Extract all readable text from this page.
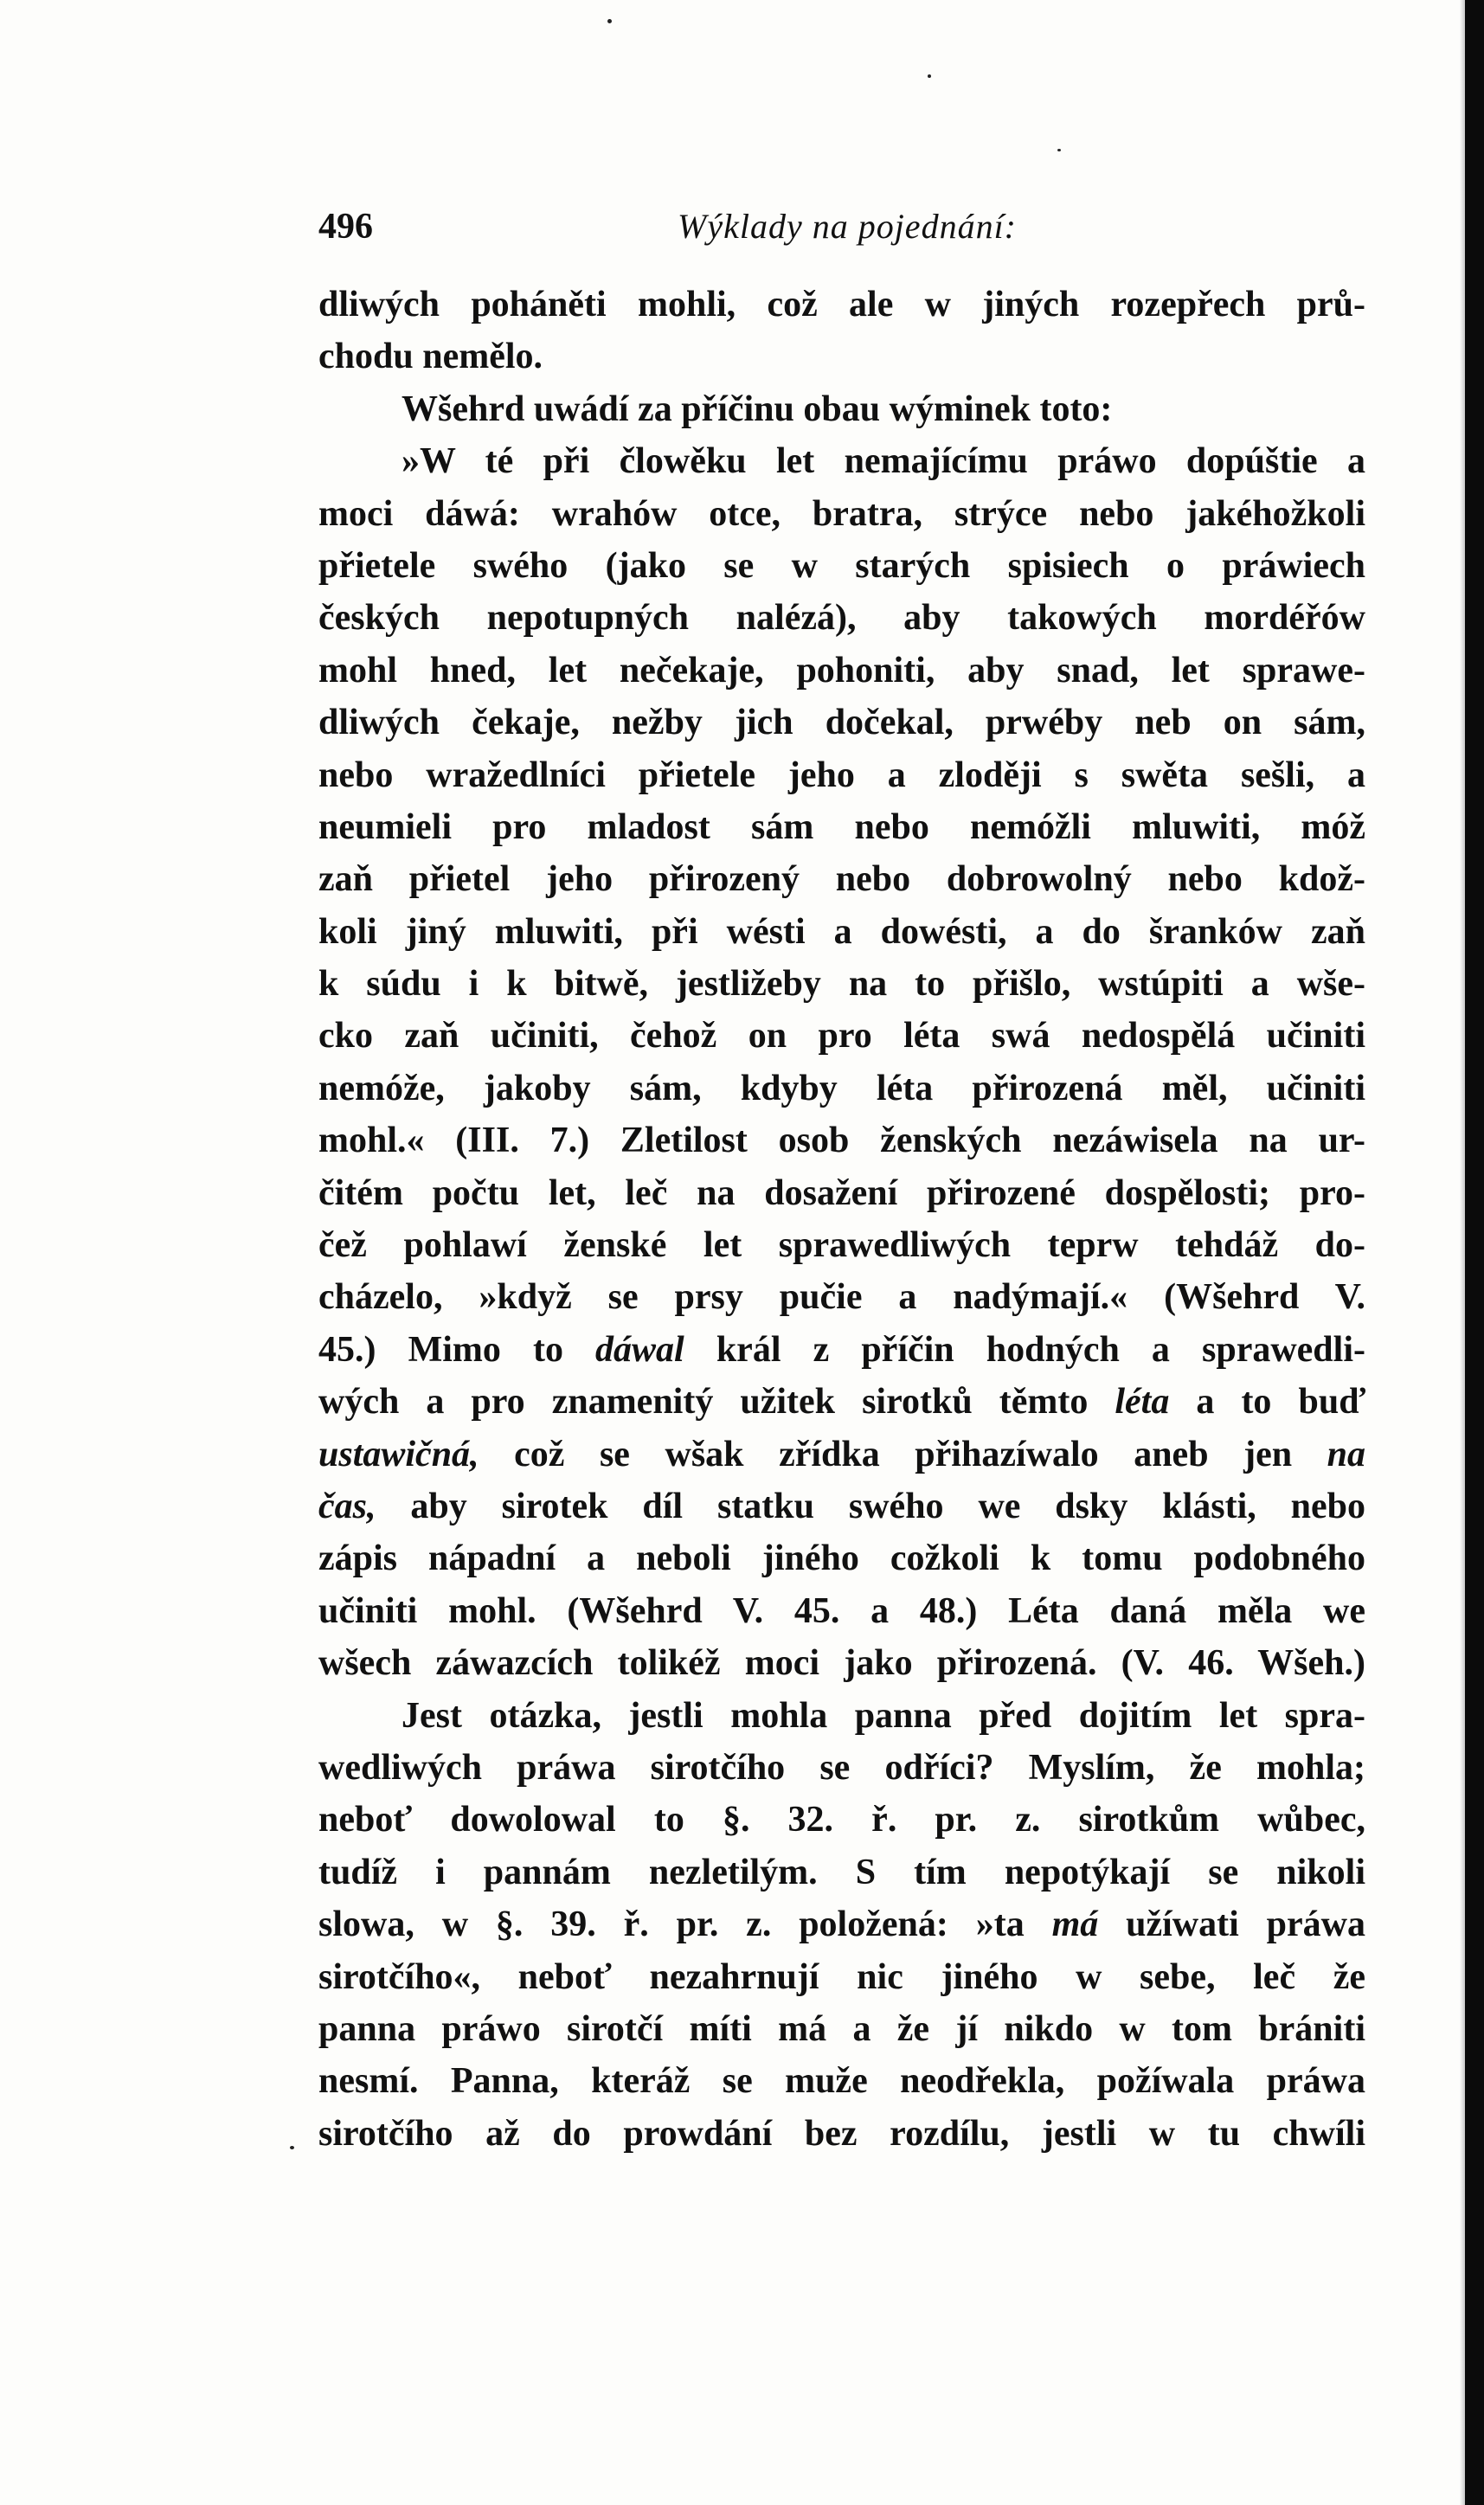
496	Wýklady na pojednání:
dliwých poháněti mohli, což ale w jiných rozepřech prů-
chodu nemělo.
Wšehrd uwádí za příčinu obau wýminek toto:
»W té při člowěku let nemajícímu práwo dopúštie a
moci dáwá: wrahów otce, bratra, strýce nebo jakéhožkoli
přietele swého (jako se w starých spisiech o práwiech
českých nepotupných nalézá), aby takowých mordéřów
mohl hned, let nečekaje, pohoniti, aby snad, let sprawe-
dliwých čekaje, nežby jich dočekal, prwéby neb on sám,
nebo wražedlníci přietele jeho a zloději s swěta sešli, a
neumieli pro mladost sám nebo nemóžli mluwiti, móž
zaň přietel jeho přirozený nebo dobrowolný nebo kdož-
koli jiný mluwiti, při wésti a dowésti, a do šranków zaň
k súdu i k bitwě, jestližeby na to přišlo, wstúpiti a wše-
cko zaň učiniti, čehož on pro léta swá nedospělá učiniti
nemóže, jakoby sám, kdyby léta přirozená měl, učiniti
mohl.« (III. 7.) Zletilost osob ženských nezáwisela na ur-
čitém počtu let, leč na dosažení přirozené dospělosti; pro-
čež pohlawí ženské let sprawedliwých teprw tehdáž do-
cházelo, »když se prsy pučie a nadýmají.« (Wšehrd V.
45.) Mimo to dáwal král z příčin hodných a sprawedli-
wých a pro znamenitý užitek sirotků těmto léta a to buď
ustawičná, což se wšak zřídka přihazíwalo aneb jen na
čas, aby sirotek díl statku swého we dsky klásti, nebo
zápis nápadní a neboli jiného cožkoli k tomu podobného
učiniti mohl. (Wšehrd V. 45. a 48.) Léta daná měla we
wšech záwazcích tolikéž moci jako přirozená. (V. 46. Wšeh.)
Jest otázka, jestli mohla panna před dojitím let spra-
wedliwých práwa sirotčího se odříci? Myslím, že mohla;
neboť dowolowal to §. 32. ř. pr. z. sirotkům wůbec,
tudíž i pannám nezletilým. S tím nepotýkají se nikoli
slowa, w §. 39. ř. pr. z. položená: »ta má užíwati práwa
sirotčího«, neboť nezahrnují nic jiného w sebe, leč že
panna práwo sirotčí míti má a že jí nikdo w tom brániti
nesmí. Panna, kteráž se muže neodřekla, požíwala práwa
sirotčího až do prowdání bez rozdílu, jestli w tu chwíli
